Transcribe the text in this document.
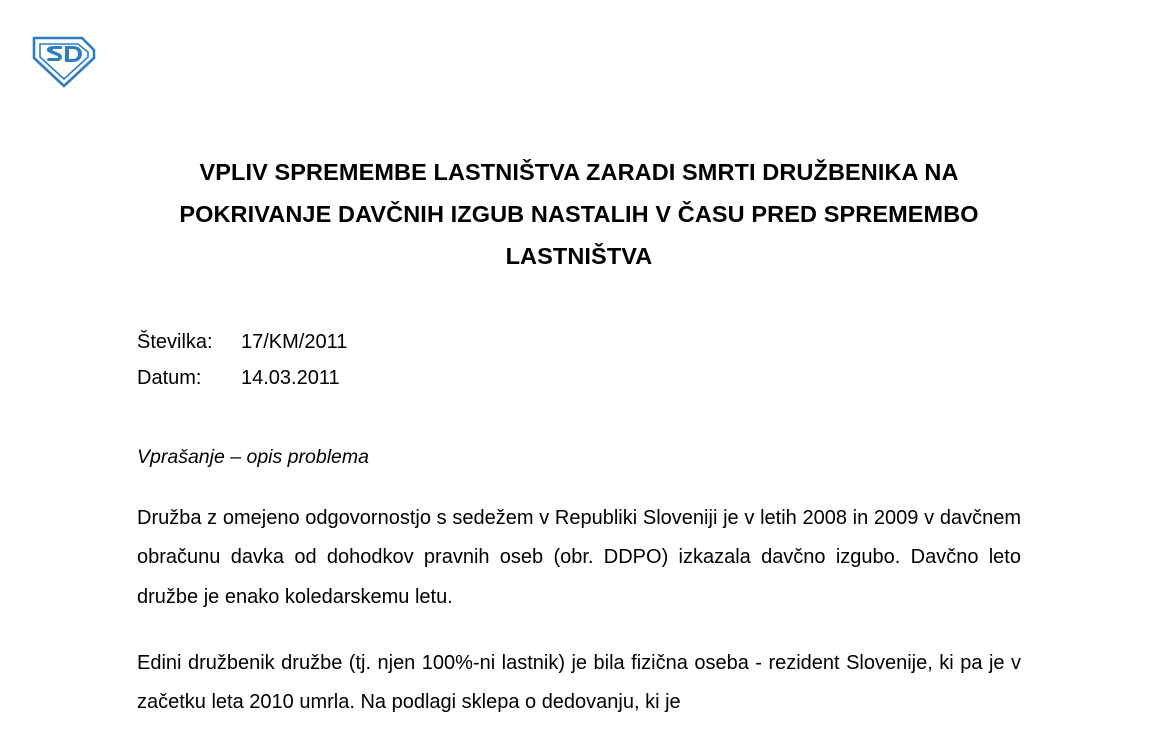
VPLIV SPREMEMBE LASTNIŠTVA ZARADI SMRTI DRUŽBENIKA NA POKRIVANJE DAVČNIH IZGUB NASTALIH V ČASU PRED SPREMEMBO LASTNIŠTVA
Številka:	17/KM/2011
Datum:	14.03.2011
Vprašanje – opis problema

Družba z omejeno odgovornostjo s sedežem v Republiki Sloveniji je v letih 2008 in 2009 v davčnem obračunu davka od dohodkov pravnih oseb (obr. DDPO) izkazala davčno izgubo. Davčno leto družbe je enako koledarskemu letu.

Edini družbenik družbe (tj. njen 100%-ni lastnik) je bila fizična oseba - rezident Slovenije, ki pa je v začetku leta 2010 umrla. Na podlagi sklepa o dedovanju, ki je
